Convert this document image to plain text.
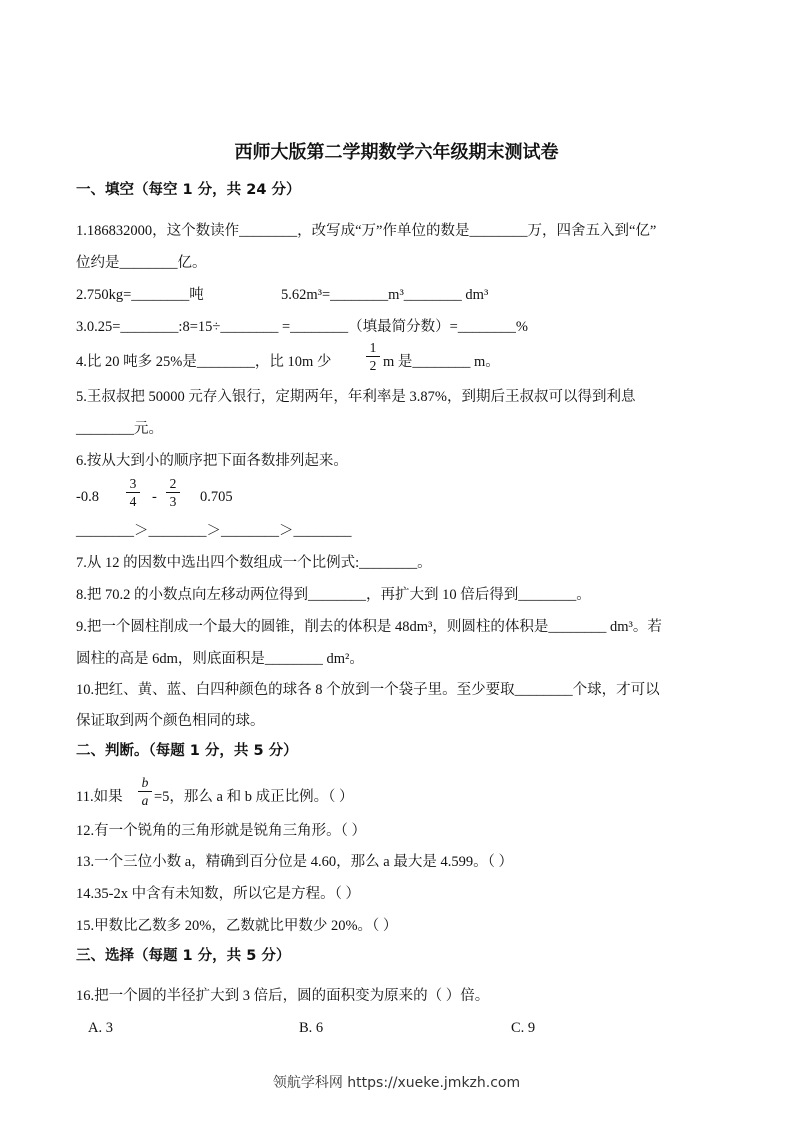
西师大版第二学期数学六年级期末测试卷
一、填空（每空 1 分，共 24 分）
1.186832000，这个数读作________，改写成“万”作单位的数是________万，四舍五入到“亿”
位约是________亿。
2.750kg=________吨	5.62m³=________m³________ dm³
3.0.25=________:8=15÷________ =________（填最简分数）=________%
4.比 20 吨多 25%是________，比 10m 少
1
2 m 是________ m。
5.王叔叔把 50000 元存入银行，定期两年，年利率是 3.87%，到期后王叔叔可以得到利息
________元。
6.按从大到小的顺序把下面各数排列起来。
-0.8
3
4 -
2
3 0.705
________＞________＞________＞________
7.从 12 的因数中选出四个数组成一个比例式:________。
8.把 70.2 的小数点向左移动两位得到________，再扩大到 10 倍后得到________。
9.把一个圆柱削成一个最大的圆锥，削去的体积是 48dm³，则圆柱的体积是________ dm³。若
圆柱的高是 6dm，则底面积是________ dm²。
10.把红、黄、蓝、白四种颜色的球各 8 个放到一个袋子里。至少要取________个球，才可以
保证取到两个颜色相同的球。
二、判断。（每题 1 分，共 5 分）
11.如果
b
a =5，那么 a 和 b 成正比例。（ ）
12.有一个锐角的三角形就是锐角三角形。（ ）
13.一个三位小数 a，精确到百分位是 4.60，那么 a 最大是 4.599。（ ）
14.35-2x 中含有未知数，所以它是方程。（ ）
15.甲数比乙数多 20%，乙数就比甲数少 20%。（ ）
三、选择（每题 1 分，共 5 分）
16.把一个圆的半径扩大到 3 倍后，圆的面积变为原来的（ ）倍。
A. 3	B. 6	C. 9
领航学科网 https://xueke.jmkzh.com
